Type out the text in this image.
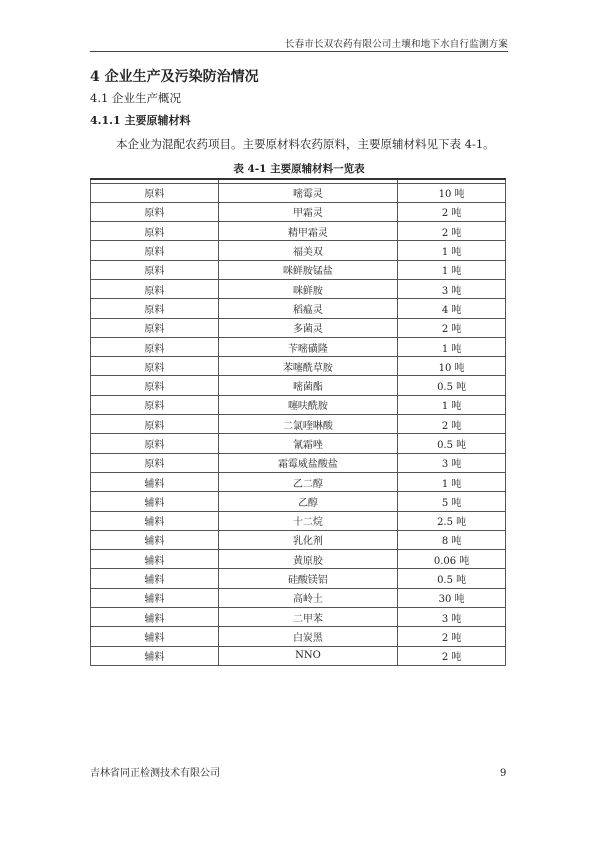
长春市长双农药有限公司土壤和地下水自行监测方案
4 企业生产及污染防治情况
4.1 企业生产概况
4.1.1 主要原辅材料
本企业为混配农药项目。主要原材料农药原料，主要原辅材料见下表 4-1。
表 4-1 主要原辅材料一览表

原料	嘧霉灵	10 吨
原料	甲霜灵	2 吨
原料	精甲霜灵	2 吨
原料	福美双	1 吨
原料	咪鲜胺锰盐	1 吨
原料	咪鲜胺	3 吨
原料	稻瘟灵	4 吨
原料	多菌灵	2 吨
原料	苄嘧磺隆	1 吨
原料	苯噻酰草胺	10 吨
原料	嘧菌酯	0.5 吨
原料	噻呋酰胺	1 吨
原料	二氯喹啉酸	2 吨
原料	氰霜唑	0.5 吨
原料	霜霉威盐酸盐	3 吨
辅料	乙二醇	1 吨
辅料	乙醇	5 吨
辅料	十二烷	2.5 吨
辅料	乳化剂	8 吨
辅料	黄原胶	0.06 吨
辅料	硅酸镁铝	0.5 吨
辅料	高岭土	30 吨
辅料	二甲苯	3 吨
辅料	白炭黑	2 吨
辅料	NNO	2 吨
吉林省同正检测技术有限公司	9
